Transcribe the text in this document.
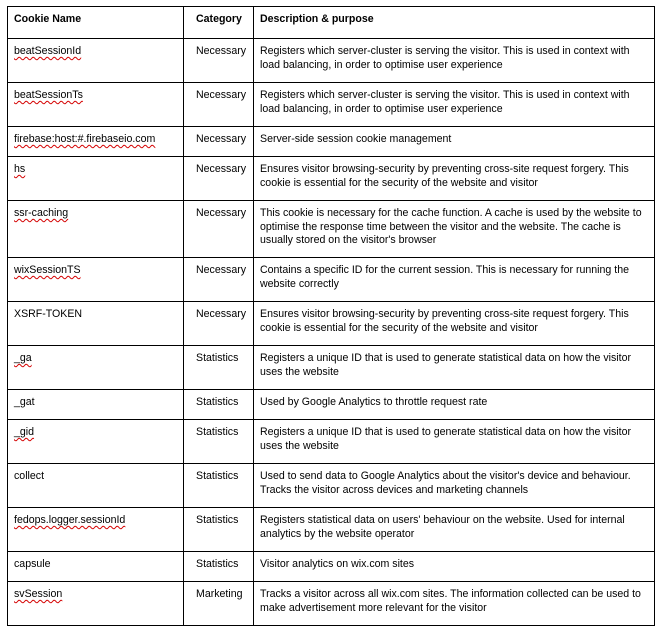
Cookie Name	Category	Description & purpose
beatSessionId	Necessary	Registers which server-cluster is serving the visitor. This is used in context with load balancing, in order to optimise user experience
beatSessionTs	Necessary	Registers which server-cluster is serving the visitor. This is used in context with load balancing, in order to optimise user experience
firebase:host:#.firebaseio.com	Necessary	Server-side session cookie management
hs	Necessary	Ensures visitor browsing-security by preventing cross-site request forgery. This cookie is essential for the security of the website and visitor
ssr-caching	Necessary	This cookie is necessary for the cache function. A cache is used by the website to optimise the response time between the visitor and the website. The cache is usually stored on the visitor's browser
wixSessionTS	Necessary	Contains a specific ID for the current session. This is necessary for running the website correctly
XSRF-TOKEN	Necessary	Ensures visitor browsing-security by preventing cross-site request forgery. This cookie is essential for the security of the website and visitor
_ga	Statistics	Registers a unique ID that is used to generate statistical data on how the visitor uses the website
_gat	Statistics	Used by Google Analytics to throttle request rate
_gid	Statistics	Registers a unique ID that is used to generate statistical data on how the visitor uses the website
collect	Statistics	Used to send data to Google Analytics about the visitor's device and behaviour. Tracks the visitor across devices and marketing channels
fedops.logger.sessionId	Statistics	Registers statistical data on users' behaviour on the website. Used for internal analytics by the website operator
capsule	Statistics	Visitor analytics on wix.com sites
svSession	Marketing	Tracks a visitor across all wix.com sites. The information collected can be used to make advertisement more relevant for the visitor
